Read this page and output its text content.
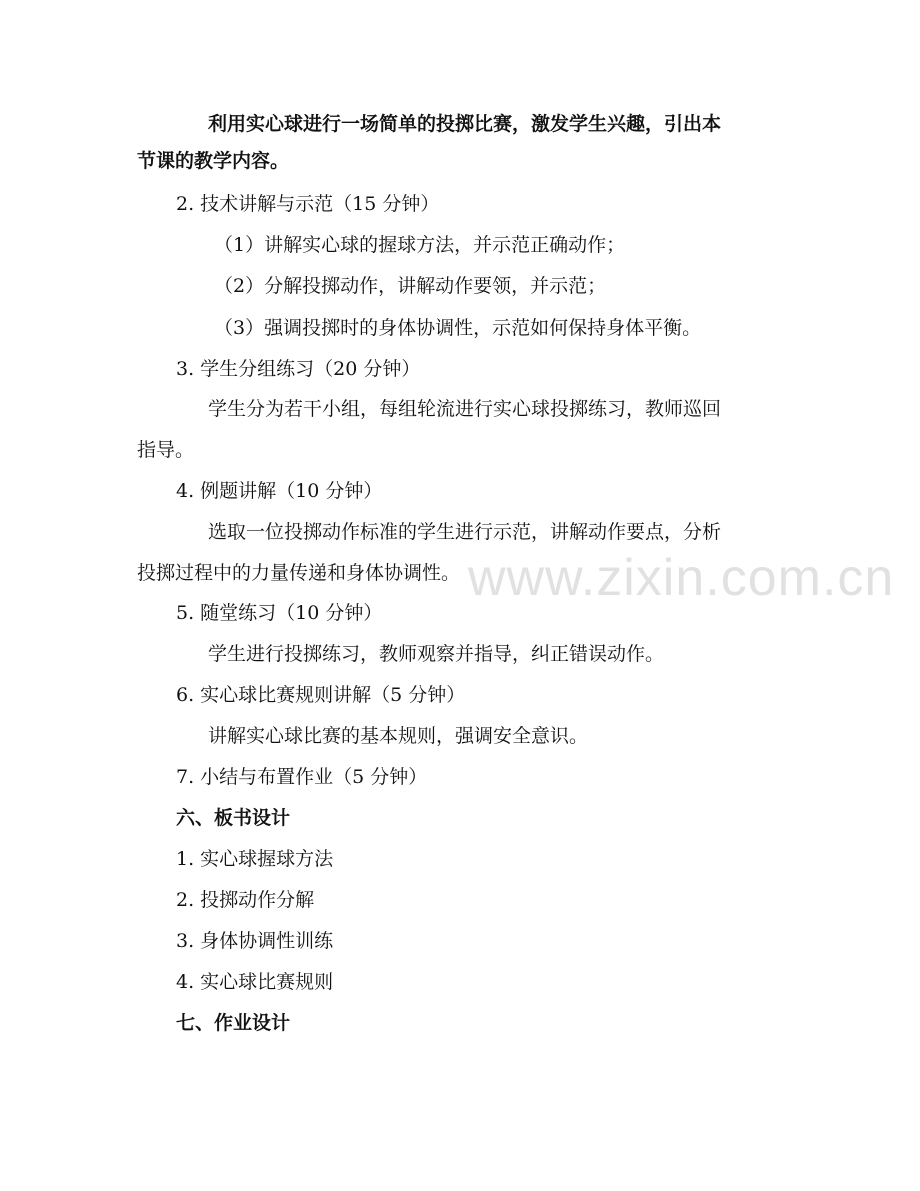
www.zixin.com.cn
利用实心球进行一场简单的投掷比赛，激发学生兴趣，引出本
节课的教学内容。
2. 技术讲解与示范（15 分钟）
（1）讲解实心球的握球方法，并示范正确动作；
（2）分解投掷动作，讲解动作要领，并示范；
（3）强调投掷时的身体协调性，示范如何保持身体平衡。
3. 学生分组练习（20 分钟）
学生分为若干小组，每组轮流进行实心球投掷练习，教师巡回
指导。
4. 例题讲解（10 分钟）
选取一位投掷动作标准的学生进行示范，讲解动作要点，分析
投掷过程中的力量传递和身体协调性。
5. 随堂练习（10 分钟）
学生进行投掷练习，教师观察并指导，纠正错误动作。
6. 实心球比赛规则讲解（5 分钟）
讲解实心球比赛的基本规则，强调安全意识。
7. 小结与布置作业（5 分钟）
六、板书设计
1. 实心球握球方法
2. 投掷动作分解
3. 身体协调性训练
4. 实心球比赛规则
七、作业设计
